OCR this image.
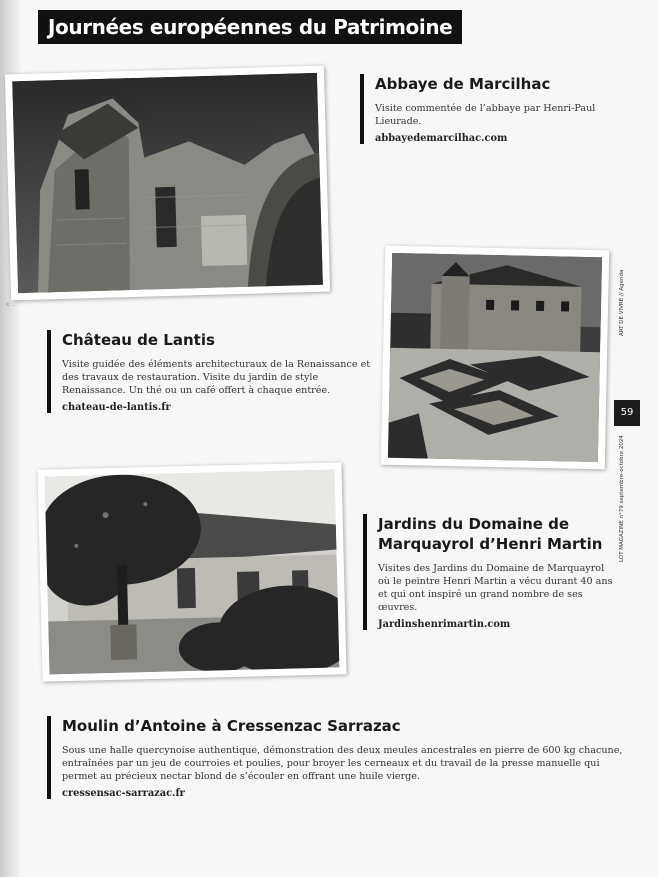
Journées européennes du Patrimoine
© ...
Abbaye de Marcilhac

Visite commentée de l’abbaye par Henri-Paul Lieurade.

abbayedemarcilhac.com
Château de Lantis

Visite guidée des éléments architecturaux de la Renaissance et des travaux de restauration. Visite du jardin de style Renaissance. Un thé ou un café offert à chaque entrée.

chateau-de-lantis.fr
ART DE VIVRE // Agenda
59
LOT MAGAZINE n°79 septembre-octobre 2024
Jardins du Domaine de Marquayrol d’Henri Martin

Visites des Jardins du Domaine de Marquayrol où le peintre Henri Martin a vécu durant 40 ans et qui ont inspiré un grand nombre de ses œuvres.

Jardinshenrimartin.com
Moulin d’Antoine à Cressenzac Sarrazac

Sous une halle quercynoise authentique, démonstration des deux meules ancestrales en pierre de 600 kg chacune, entraînées par un jeu de courroies et poulies, pour broyer les cerneaux et du travail de la presse manuelle qui permet au précieux nectar blond de s’écouler en offrant une huile vierge.

cressensac-sarrazac.fr
